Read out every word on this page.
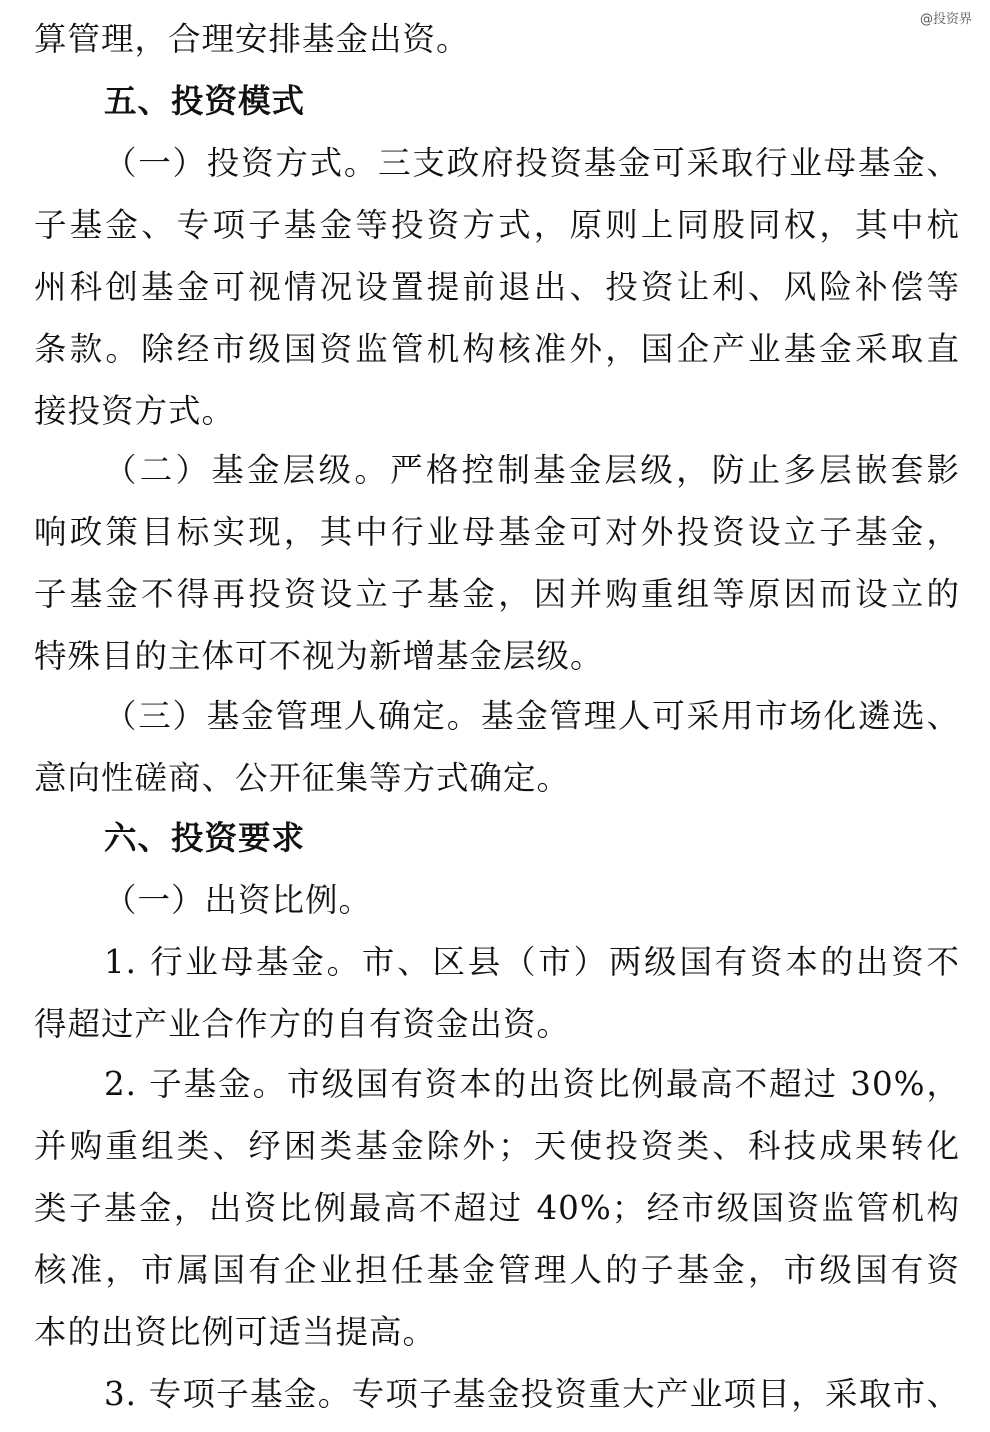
@投资界
算管理，合理安排基金出资。
五、投资模式
（一）投资方式。三支政府投资基金可采取行业母基金、
子基金、专项子基金等投资方式，原则上同股同权，其中杭
州科创基金可视情况设置提前退出、投资让利、风险补偿等
条款。除经市级国资监管机构核准外，国企产业基金采取直
接投资方式。
（二）基金层级。严格控制基金层级，防止多层嵌套影
响政策目标实现，其中行业母基金可对外投资设立子基金，
子基金不得再投资设立子基金，因并购重组等原因而设立的
特殊目的主体可不视为新增基金层级。
（三）基金管理人确定。基金管理人可采用市场化遴选、
意向性磋商、公开征集等方式确定。
六、投资要求
（一）出资比例。
1. 行业母基金。市、区县（市）两级国有资本的出资不
得超过产业合作方的自有资金出资。
2. 子基金。市级国有资本的出资比例最高不超过 30%，
并购重组类、纾困类基金除外；天使投资类、科技成果转化
类子基金，出资比例最高不超过 40%；经市级国资监管机构
核准，市属国有企业担任基金管理人的子基金，市级国有资
本的出资比例可适当提高。
3. 专项子基金。专项子基金投资重大产业项目，采取市、
